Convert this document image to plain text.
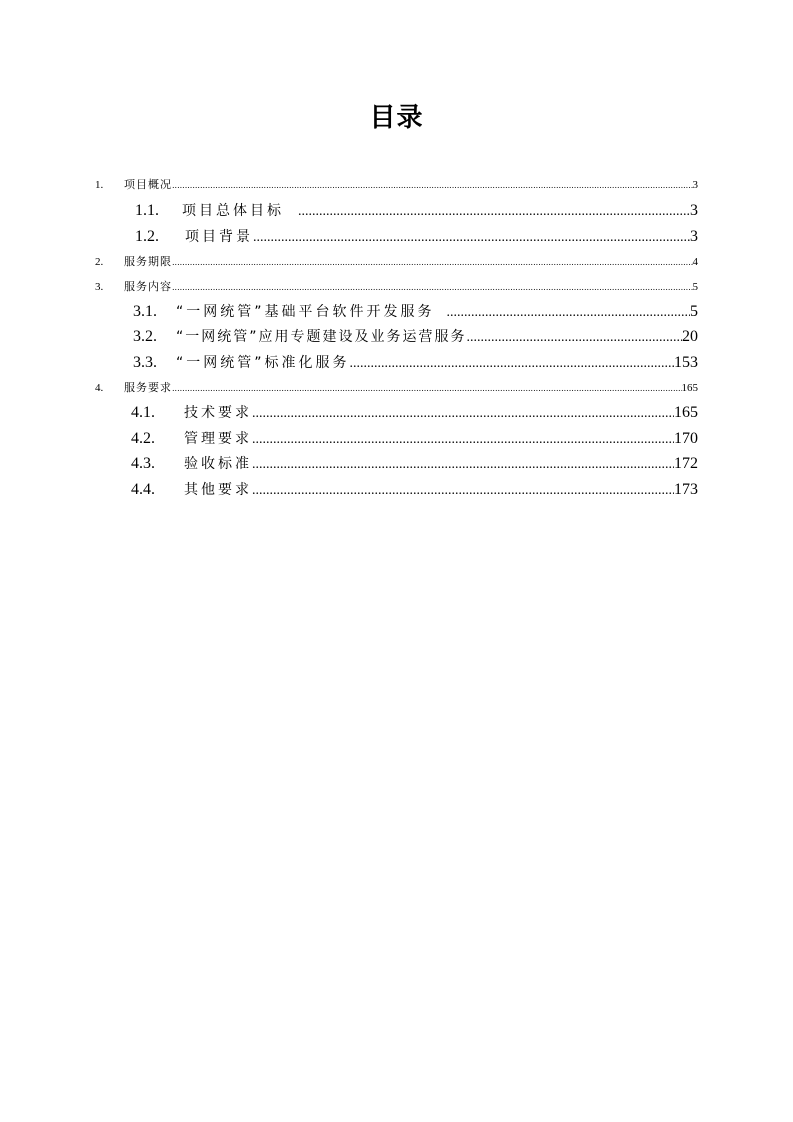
目录
1.	项目概况 .....	3
1.1.	项目总体目标 .....	3
1.2.	项目背景 .....	3
2.	服务期限 .....	4
3.	服务内容 .....	5
3.1.	“一网统管”基础平台软件开发服务 .....	5
3.2.	“一网统管”应用专题建设及业务运营服务 .....	20
3.3.	“一网统管”标准化服务 .....	153
4.	服务要求 .....	165
4.1.	技术要求 .....	165
4.2.	管理要求 .....	170
4.3.	验收标准 .....	172
4.4.	其他要求 .....	173
